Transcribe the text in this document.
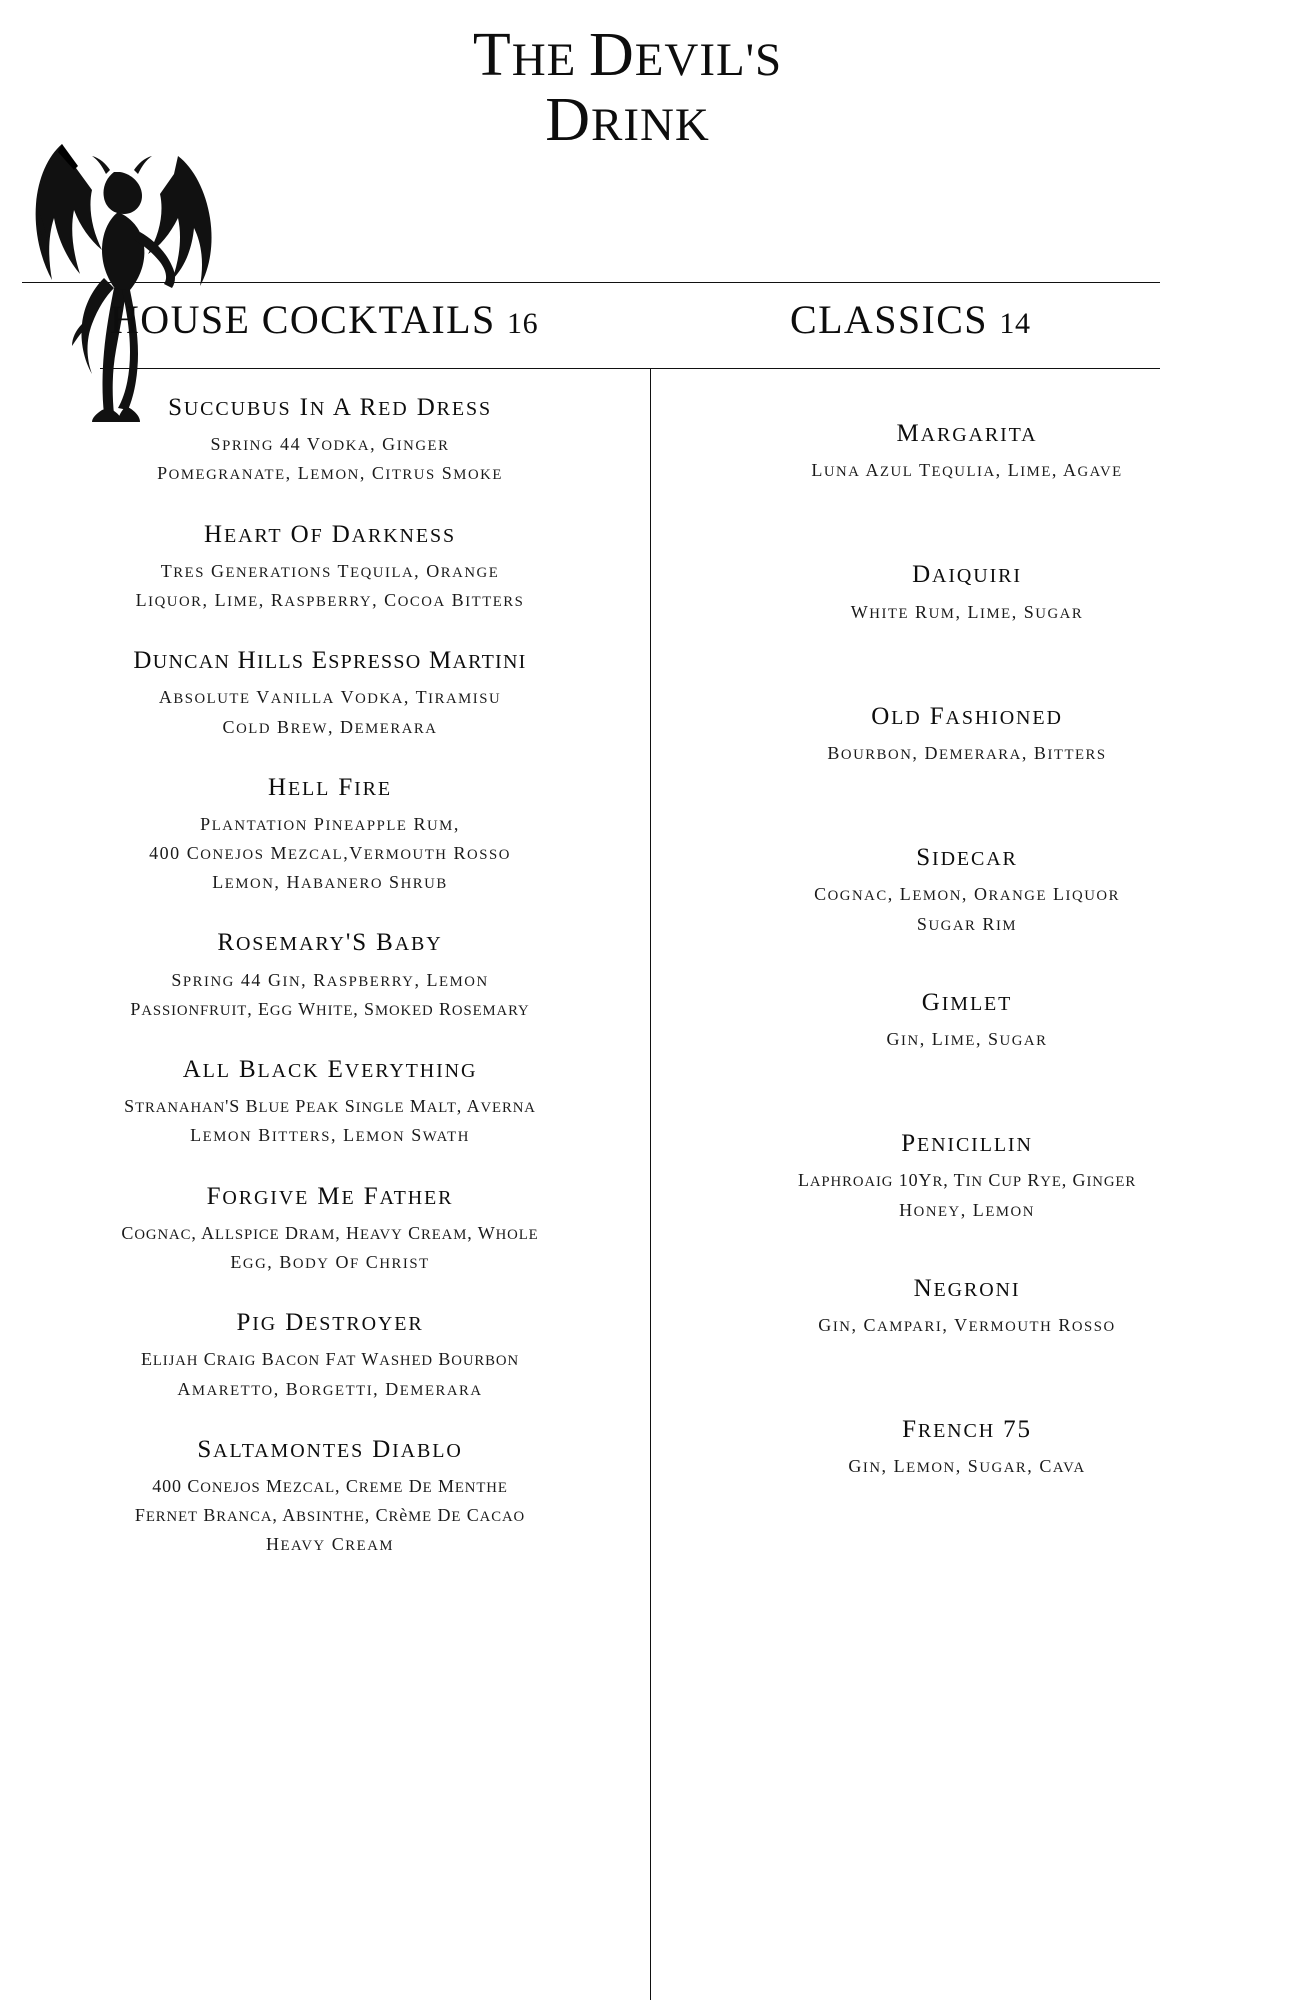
THE DEVIL'S
DRINK
HOUSE COCKTAILS 16	CLASSICS 14
SUCCUBUS IN A RED DRESS
SPRING 44 VODKA, GINGER
POMEGRANATE, LEMON, CITRUS SMOKE
HEART OF DARKNESS
TRES GENERATIONS TEQUILA, ORANGE
LIQUOR, LIME, RASPBERRY, COCOA BITTERS
DUNCAN HILLS ESPRESSO MARTINI
ABSOLUTE VANILLA VODKA, TIRAMISU
COLD BREW, DEMERARA
HELL FIRE
PLANTATION PINEAPPLE RUM,
400 CONEJOS MEZCAL,VERMOUTH ROSSO
LEMON, HABANERO SHRUB
ROSEMARY'S BABY
SPRING 44 GIN, RASPBERRY, LEMON
PASSIONFRUIT, EGG WHITE, SMOKED ROSEMARY
ALL BLACK EVERYTHING
STRANAHAN'S BLUE PEAK SINGLE MALT, AVERNA
LEMON BITTERS, LEMON SWATH
FORGIVE ME FATHER
COGNAC, ALLSPICE DRAM, HEAVY CREAM, WHOLE
EGG, BODY OF CHRIST
PIG DESTROYER
ELIJAH CRAIG BACON FAT WASHED BOURBON
AMARETTO, BORGETTI, DEMERARA
SALTAMONTES DIABLO
400 CONEJOS MEZCAL, CREME DE MENTHE
FERNET BRANCA, ABSINTHE, CRèME DE CACAO
HEAVY CREAM
MARGARITA
LUNA AZUL TEQULIA, LIME, AGAVE
DAIQUIRI
WHITE RUM, LIME, SUGAR
OLD FASHIONED
BOURBON, DEMERARA, BITTERS
SIDECAR
COGNAC, LEMON, ORANGE LIQUOR
SUGAR RIM
GIMLET
GIN, LIME, SUGAR
PENICILLIN
LAPHROAIG 10YR, TIN CUP RYE, GINGER
HONEY, LEMON
NEGRONI
GIN, CAMPARI, VERMOUTH ROSSO
FRENCH 75
GIN, LEMON, SUGAR, CAVA
